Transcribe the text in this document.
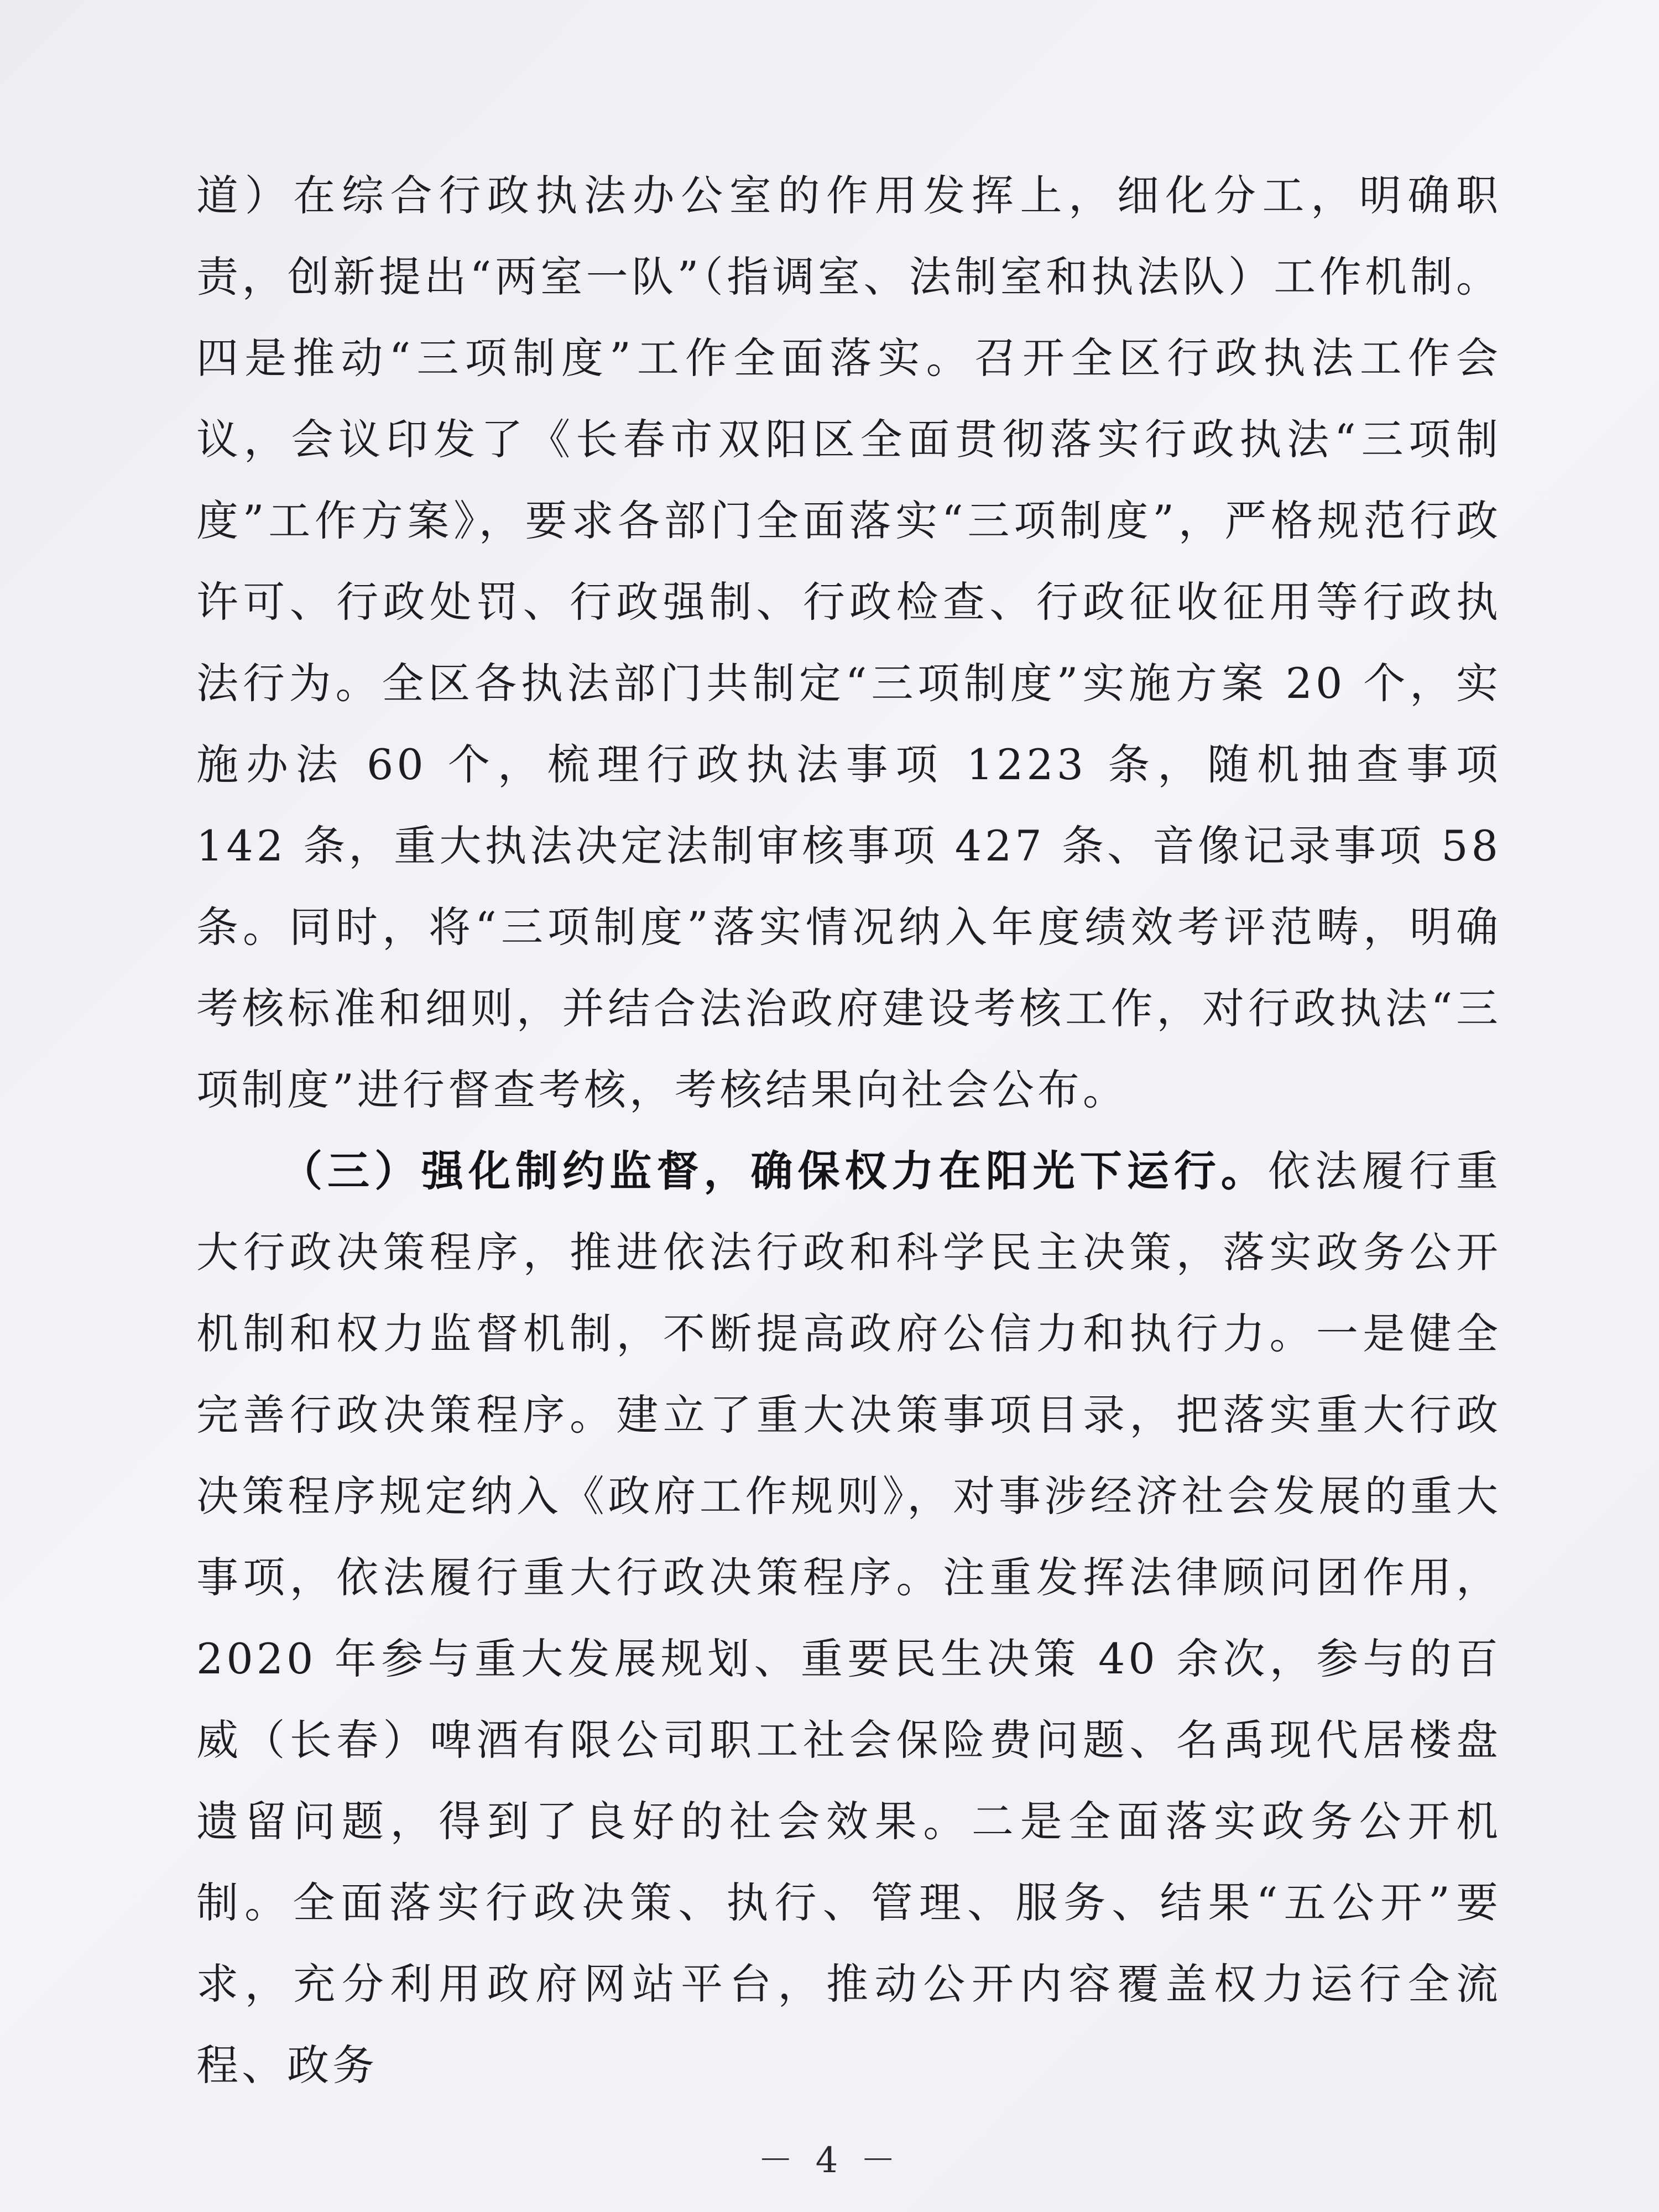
道）在综合行政执法办公室的作用发挥上，细化分工，明确职责，创新提出“两室一队”（指调室、法制室和执法队）工作机制。四是推动“三项制度”工作全面落实。召开全区行政执法工作会议，会议印发了《长春市双阳区全面贯彻落实行政执法“三项制度”工作方案》，要求各部门全面落实“三项制度”，严格规范行政许可、行政处罚、行政强制、行政检查、行政征收征用等行政执法行为。全区各执法部门共制定“三项制度”实施方案 20 个，实施办法 60 个，梳理行政执法事项 1223 条，随机抽查事项 142 条，重大执法决定法制审核事项 427 条、音像记录事项 58 条。同时，将“三项制度”落实情况纳入年度绩效考评范畴，明确考核标准和细则，并结合法治政府建设考核工作，对行政执法“三项制度”进行督查考核，考核结果向社会公布。

（三）强化制约监督，确保权力在阳光下运行。依法履行重大行政决策程序，推进依法行政和科学民主决策，落实政务公开机制和权力监督机制，不断提高政府公信力和执行力。一是健全完善行政决策程序。建立了重大决策事项目录，把落实重大行政决策程序规定纳入《政府工作规则》，对事涉经济社会发展的重大事项，依法履行重大行政决策程序。注重发挥法律顾问团作用，2020 年参与重大发展规划、重要民生决策 40 余次，参与的百威（长春）啤酒有限公司职工社会保险费问题、名禹现代居楼盘遗留问题，得到了良好的社会效果。二是全面落实政务公开机制。全面落实行政决策、执行、管理、服务、结果“五公开”要求，充分利用政府网站平台，推动公开内容覆盖权力运行全流程、政务

－ 4 －
